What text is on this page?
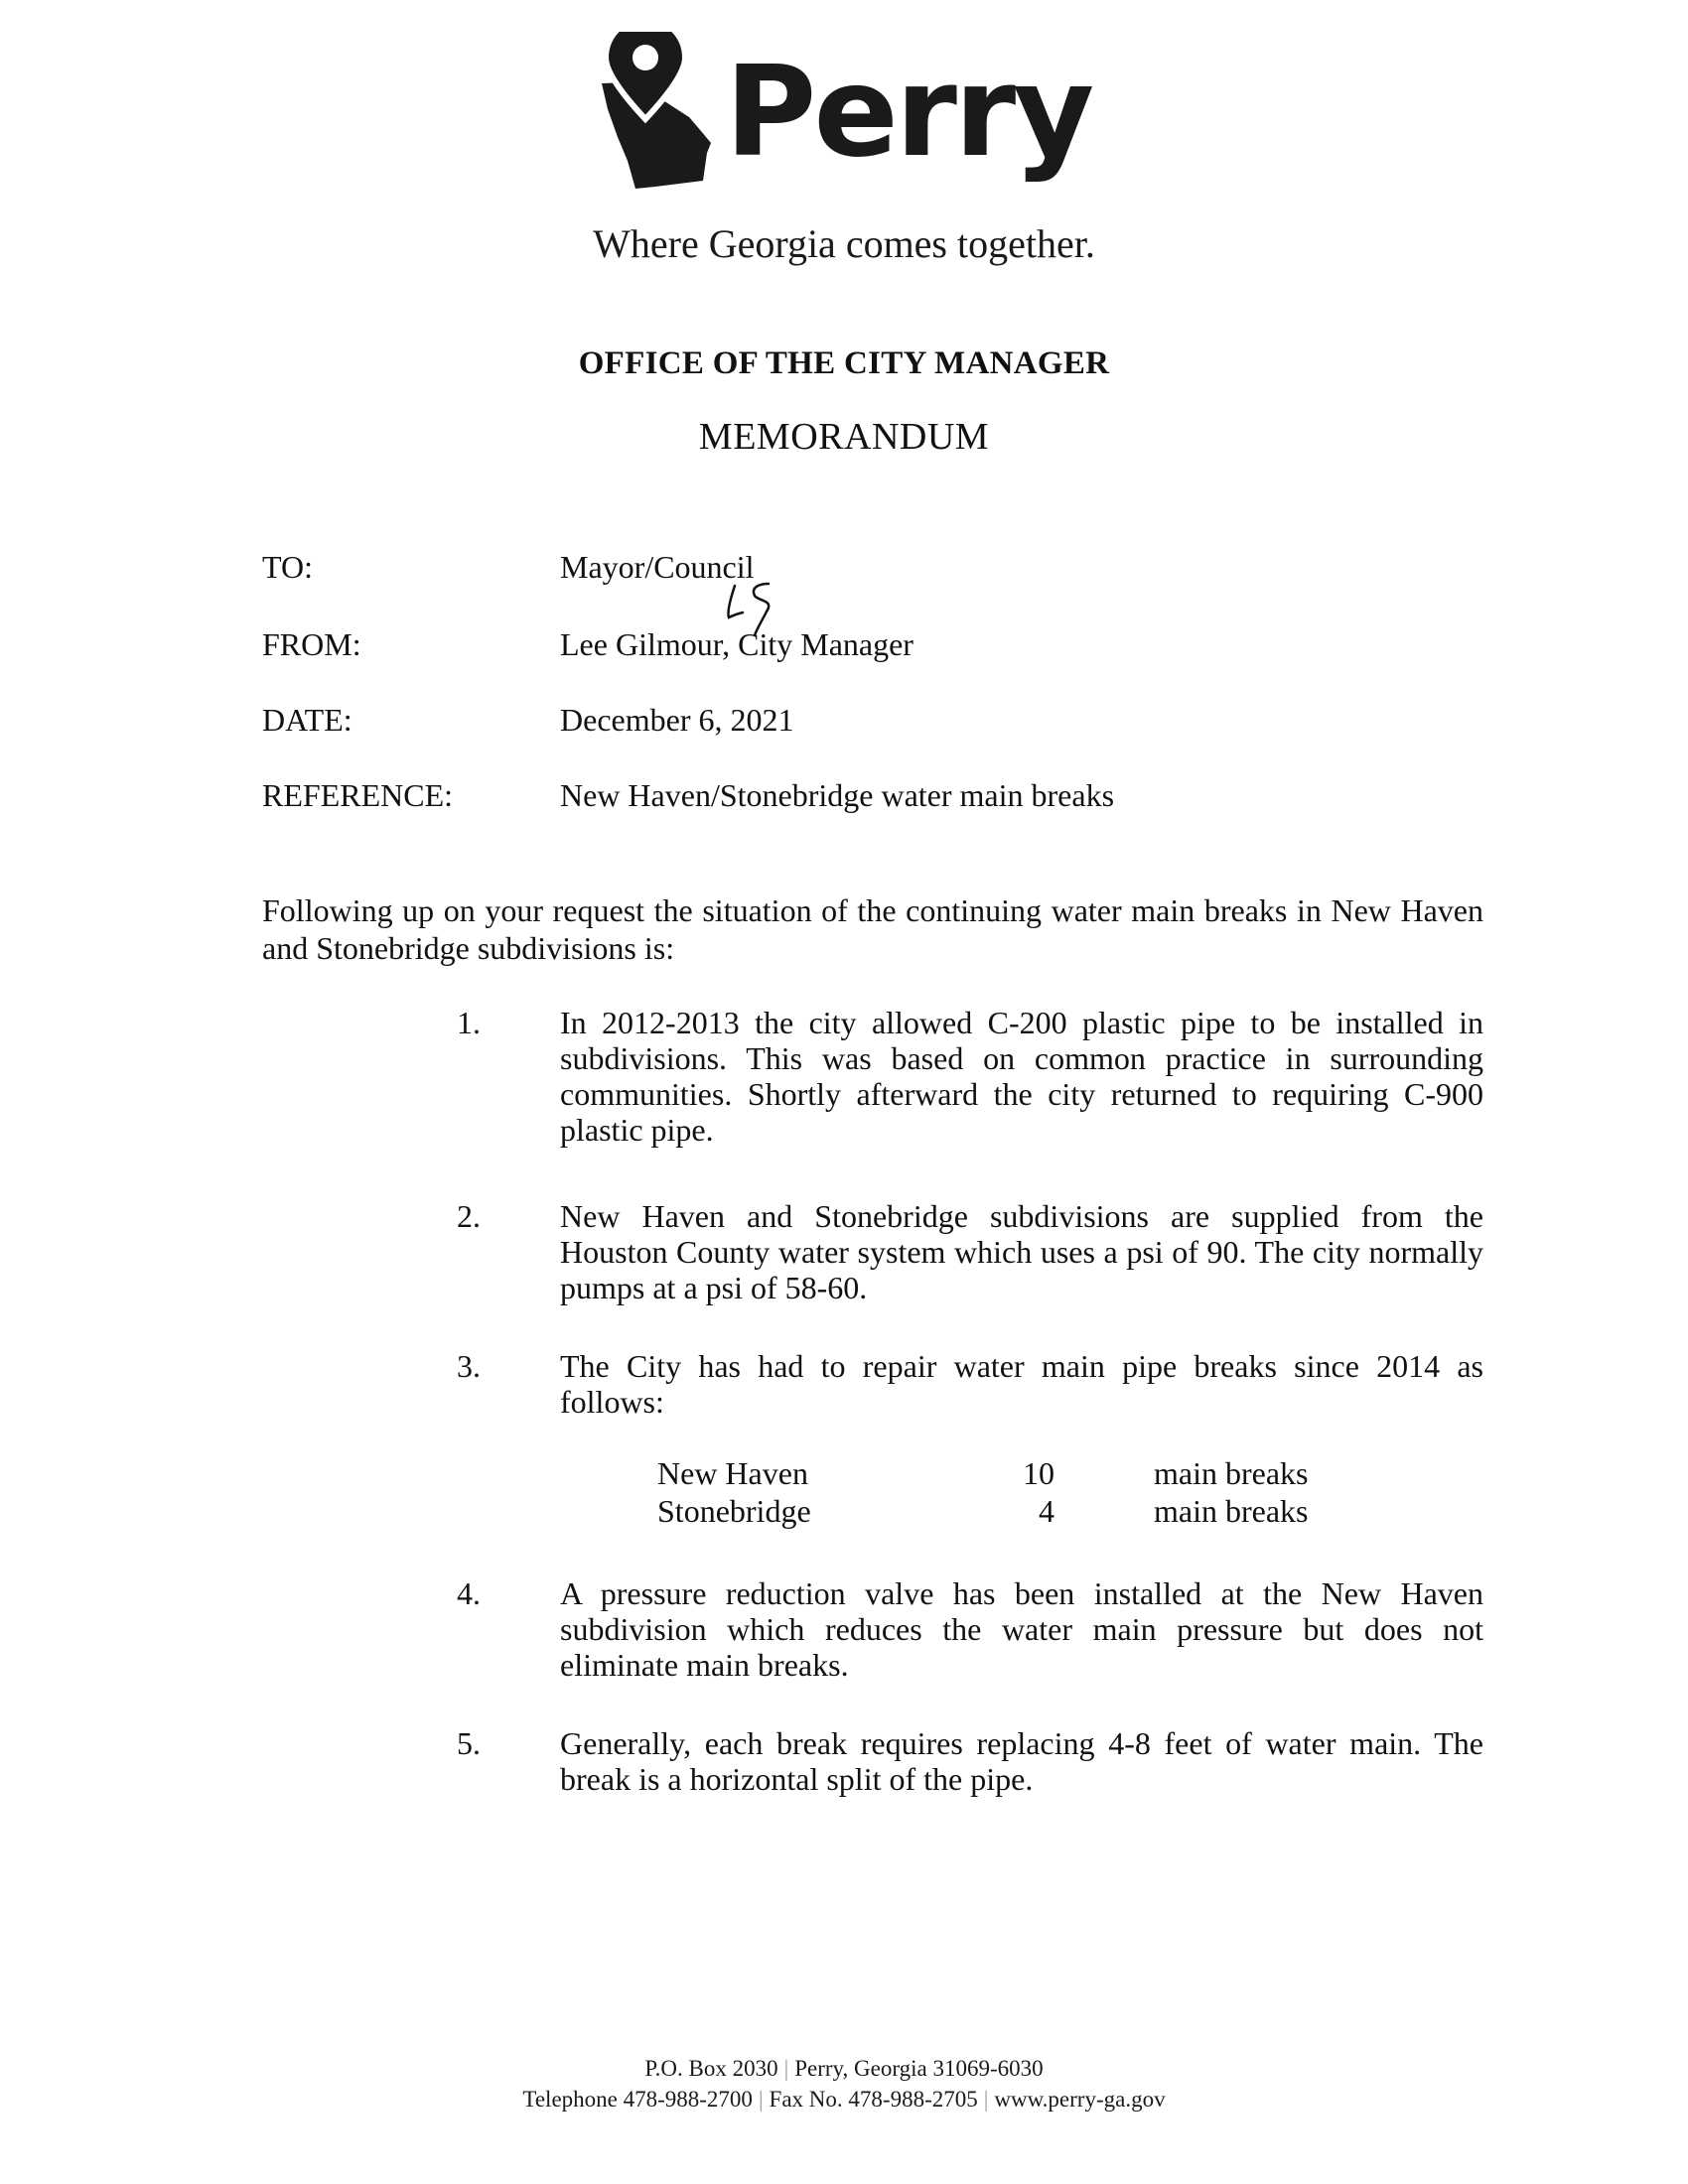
Perry
Where Georgia comes together.
OFFICE OF THE CITY MANAGER
MEMORANDUM
TO:	Mayor/Council
FROM:	Lee Gilmour, City Manager
DATE:	December 6, 2021
REFERENCE:	New Haven/Stonebridge water main breaks
Following up on your request the situation of the continuing water main breaks in New Haven and Stonebridge subdivisions is:
1.	In 2012-2013 the city allowed C-200 plastic pipe to be installed in subdivisions. This was based on common practice in surrounding communities. Shortly afterward the city returned to requiring C-900 plastic pipe.
2.	New Haven and Stonebridge subdivisions are supplied from the Houston County water system which uses a psi of 90. The city normally pumps at a psi of 58-60.
3.	The City has had to repair water main pipe breaks since 2014 as follows:
New Haven	10	main breaks
Stonebridge	4	main breaks
4.	A pressure reduction valve has been installed at the New Haven subdivision which reduces the water main pressure but does not eliminate main breaks.
5.	Generally, each break requires replacing 4-8 feet of water main. The break is a horizontal split of the pipe.
P.O. Box 2030 | Perry, Georgia 31069-6030
Telephone 478-988-2700 | Fax No. 478-988-2705 | www.perry-ga.gov
